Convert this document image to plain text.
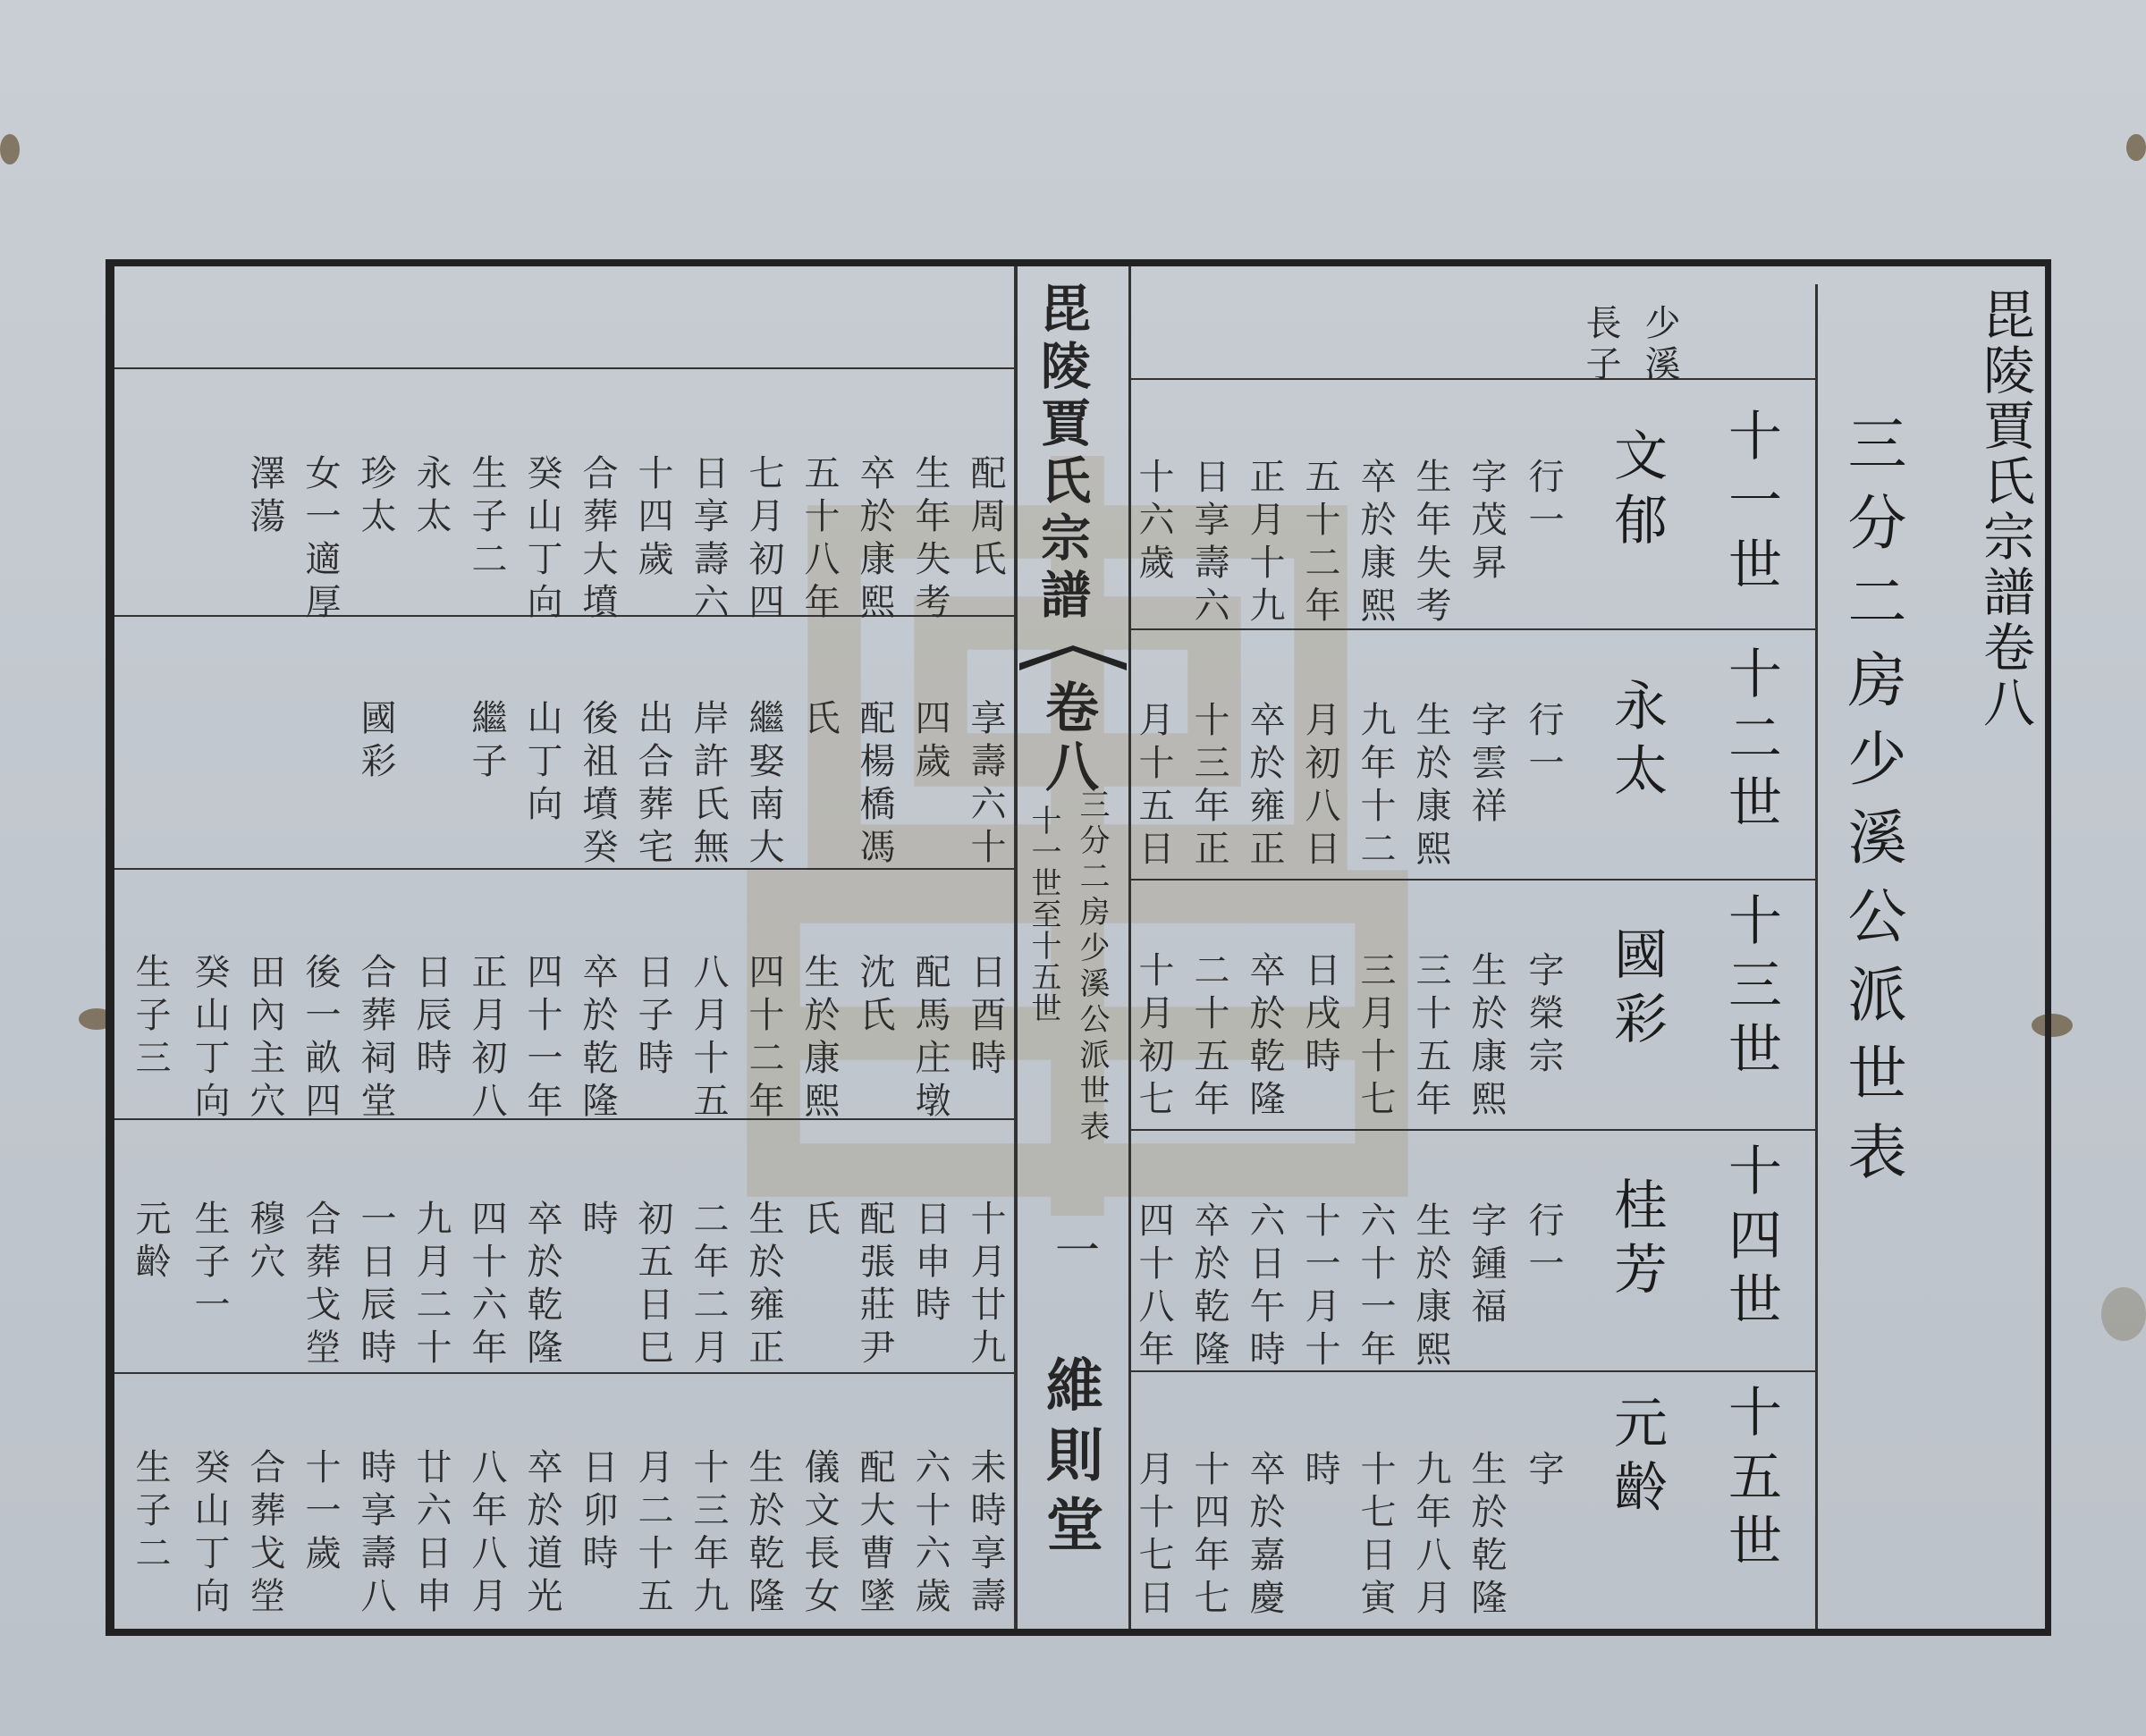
毘陵賈氏宗譜卷八
三分二房少溪公派世表
毘陵賈氏宗譜
卷八
十一世至十五世 三分二房少溪公派世表
一
維則堂
少溪
長子
十一世
十二世
十三世
十四世
十五世
文郁
永太
國彩
桂芳
元齡
行一
行一
字榮宗
行一
字
字茂昇
字雲祥
生於康熙
字鍾福
生於乾隆
生年失考
生於康熙
三十五年
生於康熙
九年八月
卒於康熙
九年十二
三月十七
六十一年
十七日寅
五十二年
月初八日
日戌時
十一月十
時
正月十九
卒於雍正
卒於乾隆
六日午時
卒於嘉慶
日享壽六
十三年正
二十五年
卒於乾隆
十四年七
十六歲
月十五日
十月初七
四十八年
月十七日
配周氏
享壽六十
日酉時
十月廿九
未時享壽
生年失考
四歲
配馬庄墩
日申時
六十六歲
卒於康熙
配楊橋馮
沈氏
配張莊尹
配大曹墜
五十八年
氏
生於康熙
氏
儀文長女
七月初四
繼娶南大
四十二年
生於雍正
生於乾隆
日享壽六
岸許氏無
八月十五
二年二月
十三年九
十四歲
出合葬宅
日子時
初五日巳
月二十五
合葬大墳
後祖墳癸
卒於乾隆
時
日卯時
癸山丁向
山丁向
四十一年
卒於乾隆
卒於道光
生子二
繼子
正月初八
四十六年
八年八月
永太
日辰時
九月二十
廿六日申
珍太
國彩
合葬祠堂
一日辰時
時享壽八
女一適厚
後一畝四
合葬戈塋
十一歲
澤蕩
田內主穴
穆穴
合葬戈塋
癸山丁向
生子一
癸山丁向
生子三
元齡
生子二
